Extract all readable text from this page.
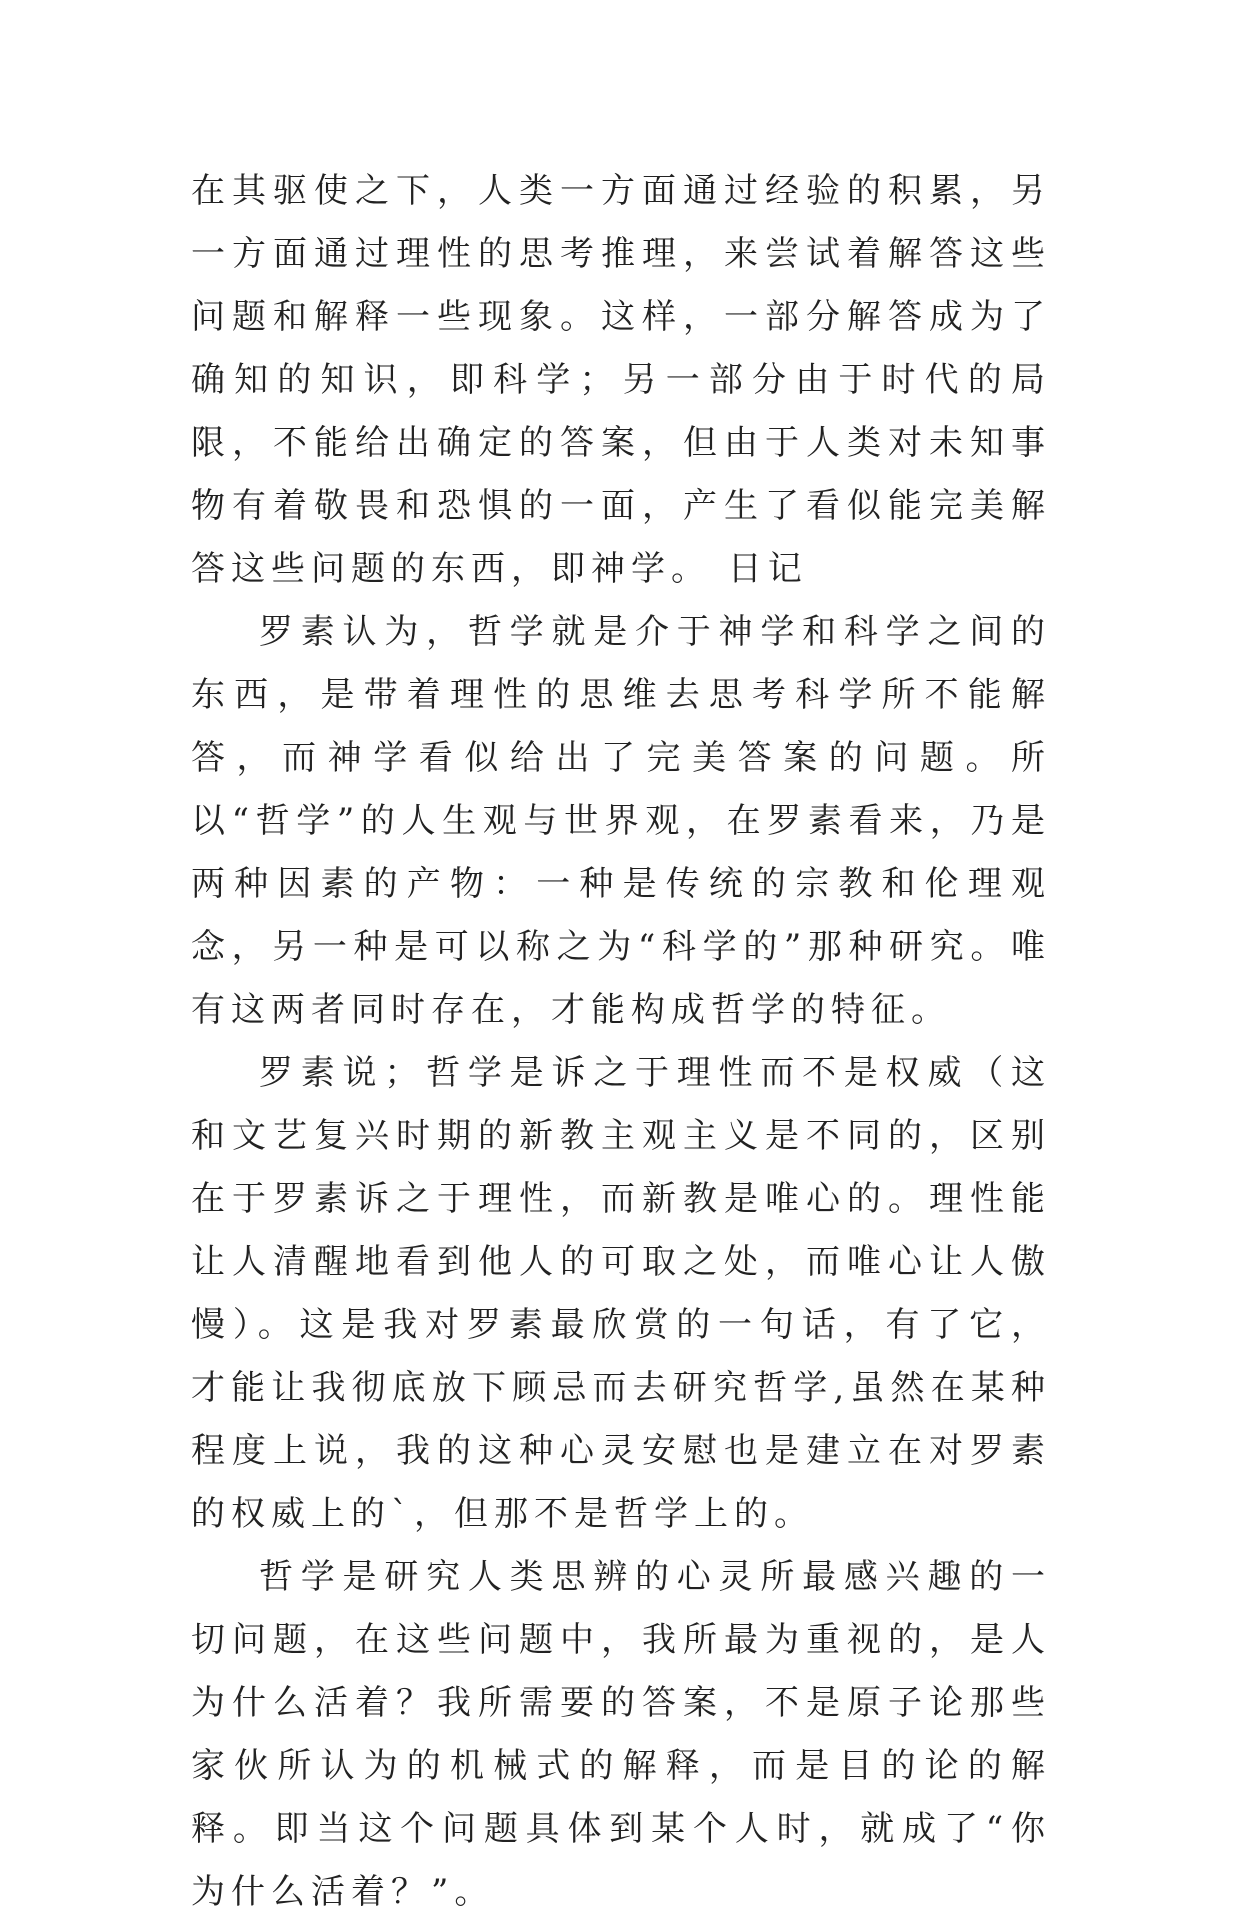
在其驱使之下，人类一方面通过经验的积累，另一方面通过理性的思考推理，来尝试着解答这些问题和解释一些现象。这样，一部分解答成为了确知的知识，即科学；另一部分由于时代的局限，不能给出确定的答案，但由于人类对未知事物有着敬畏和恐惧的一面，产生了看似能完美解答这些问题的东西，即神学。 日记

罗素认为，哲学就是介于神学和科学之间的东西，是带着理性的思维去思考科学所不能解答，而神学看似给出了完美答案的问题。所以“哲学”的人生观与世界观，在罗素看来，乃是两种因素的产物：一种是传统的宗教和伦理观念，另一种是可以称之为“科学的”那种研究。唯有这两者同时存在，才能构成哲学的特征。

罗素说；哲学是诉之于理性而不是权威（这和文艺复兴时期的新教主观主义是不同的，区别在于罗素诉之于理性，而新教是唯心的。理性能让人清醒地看到他人的可取之处，而唯心让人傲慢）。这是我对罗素最欣赏的一句话，有了它，才能让我彻底放下顾忌而去研究哲学,虽然在某种程度上说，我的这种心灵安慰也是建立在对罗素的权威上的`，但那不是哲学上的。

哲学是研究人类思辨的心灵所最感兴趣的一切问题，在这些问题中，我所最为重视的，是人为什么活着？我所需要的答案，不是原子论那些家伙所认为的机械式的解释，而是目的论的解释。即当这个问题具体到某个人时，就成了“你为什么活着？”。
